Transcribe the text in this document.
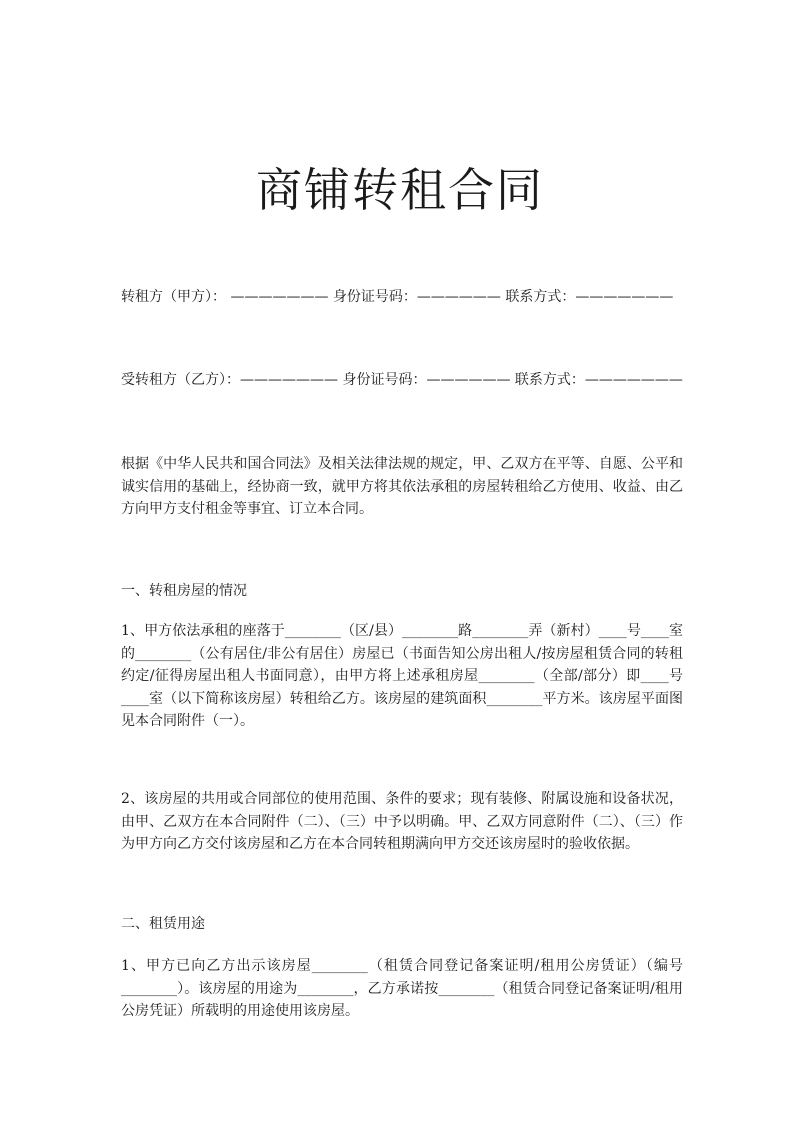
商铺转租合同
转租方（甲方）： ——————— 身份证号码：—————— 联系方式：———————
受转租方（乙方）：——————— 身份证号码：—————— 联系方式：———————
根据《中华人民共和国合同法》及相关法律法规的规定，甲、乙双方在平等、自愿、公平和诚实信用的基础上，经协商一致，就甲方将其依法承租的房屋转租给乙方使用、收益、由乙方向甲方支付租金等事宜、订立本合同。
一、转租房屋的情况
1、甲方依法承租的座落于________（区/县）________路________弄（新村）____号____室的________（公有居住/非公有居住）房屋已（书面告知公房出租人/按房屋租赁合同的转租约定/征得房屋出租人书面同意），由甲方将上述承租房屋________（全部/部分）即____号____室（以下简称该房屋）转租给乙方。该房屋的建筑面积________平方米。该房屋平面图见本合同附件（一）。
2、该房屋的共用或合同部位的使用范围、条件的要求；现有装修、附属设施和设备状况，由甲、乙双方在本合同附件（二）、（三）中予以明确。甲、乙双方同意附件（二）、（三）作为甲方向乙方交付该房屋和乙方在本合同转租期满向甲方交还该房屋时的验收依据。
二、租赁用途
1、甲方已向乙方出示该房屋________（租赁合同登记备案证明/租用公房赁证）（编号________）。该房屋的用途为________，乙方承诺按________（租赁合同登记备案证明/租用公房凭证）所载明的用途使用该房屋。
